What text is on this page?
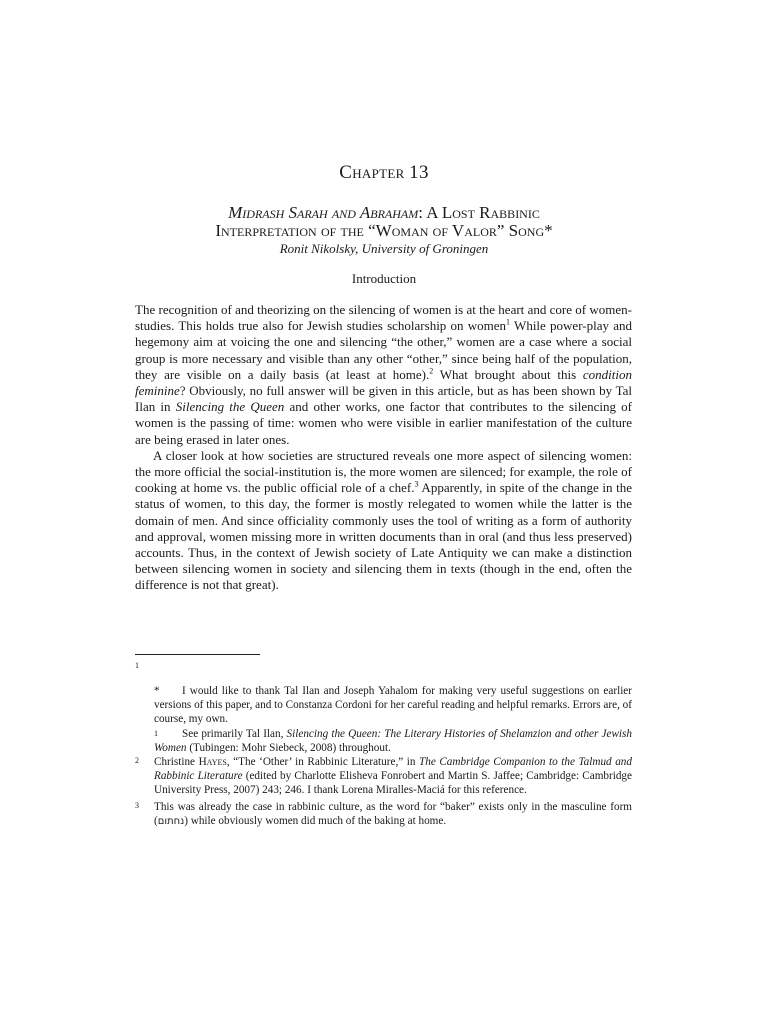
Chapter 13
Midrash Sarah and Abraham: A Lost Rabbinic
Interpretation of the “Woman of Valor” Song*
Ronit Nikolsky, University of Groningen
Introduction

The recognition of and theorizing on the silencing of women is at the heart and core of women-studies. This holds true also for Jewish studies scholarship on women$^1$ While power-play and hegemony aim at voicing the one and silencing “the other,” women are a case where a social group is more necessary and visible than any other “other,” since being half of the population, they are visible on a daily basis (at least at home).$^2$ What brought about this condition feminine? Obviously, no full answer will be given in this article, but as has been shown by Tal Ilan in Silencing the Queen and other works, one factor that contributes to the silencing of women is the passing of time: women who were visible in earlier manifestation of the culture are being erased in later ones.

A closer look at how societies are structured reveals one more aspect of silencing women: the more official the social-institution is, the more women are silenced; for example, the role of cooking at home vs. the public official role of a chef.$^3$ Apparently, in spite of the change in the status of women, to this day, the former is mostly relegated to women while the latter is the domain of men. And since officiality commonly uses the tool of writing as a form of authority and approval, women missing more in written documents than in oral (and thus less preserved) accounts. Thus, in the context of Jewish society of Late Antiquity we can make a distinction between silencing women in society and silencing them in texts (though in the end, often the difference is not that great).

1
* I would like to thank Tal Ilan and Joseph Yahalom for making very useful suggestions on earlier versions of this paper, and to Constanza Cordoni for her careful reading and helpful remarks. Errors are, of course, my own.
1 See primarily Tal Ilan, Silencing the Queen: The Literary Histories of Shelamzion and other Jewish Women (Tubingen: Mohr Siebeck, 2008) throughout.
2	Christine Hayes, “The ‘Other’ in Rabbinic Literature,” in The Cambridge Companion to the Talmud and Rabbinic Literature (edited by Charlotte Elisheva Fonrobert and Martin S. Jaffee; Cambridge: Cambridge University Press, 2007) 243; 246. I thank Lorena Miralles-Maciá for this reference.
3	This was already the case in rabbinic culture, as the word for “baker” exists only in the masculine form (נחתום) while obviously women did much of the baking at home.
